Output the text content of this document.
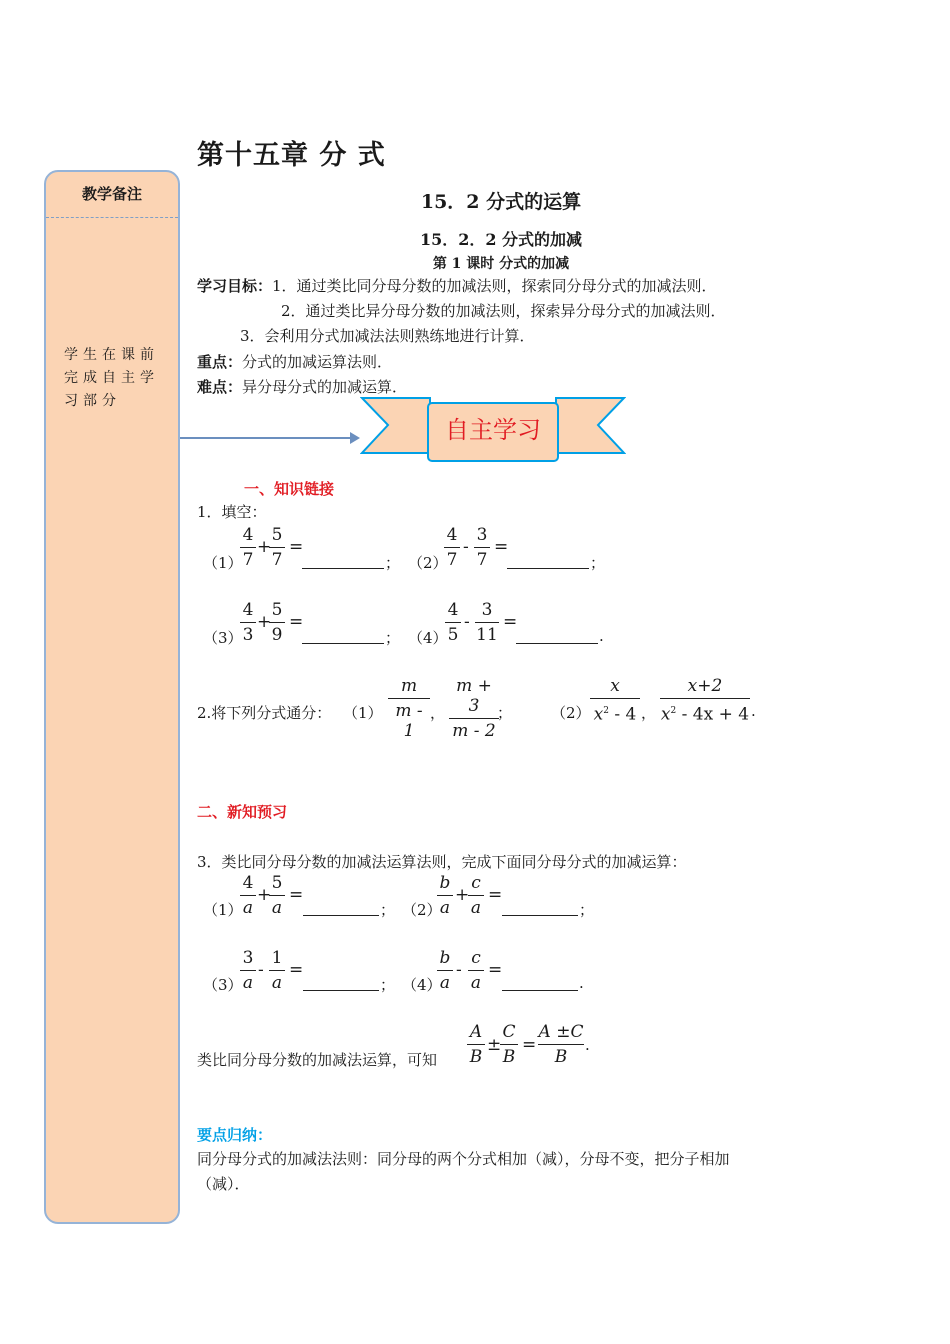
第十五章 分 式
教学备注
学生在课前完成自主学习部分
15．2 分式的运算
15．2．2 分式的加减
第 1 课时 分式的加减
学习目标：1．通过类比同分母分数的加减法则，探索同分母分式的加减法则．
2．通过类比异分母分数的加减法则，探索异分母分式的加减法则．
3．会利用分式加减法法则熟练地进行计算．
重点：分式的加减运算法则．
难点：异分母分式的加减运算．
自主学习
一、知识链接
1．填空：
（1）
4
7
+
5
7
=
； （2）
4
7
-
3
7
=
；
（3）
4
3
+
5
9
=
； （4）
4
5
-
3
11
=
.
2.将下列分式通分： （1）
m
m - 1
，
m + 3
m - 2
；	（2）
x
$x^2 - 4$ ，
x+2
$x^2 - 4x + 4$ .
二、新知预习
3．类比同分母分数的加减法运算法则，完成下面同分母分式的加减运算：
（1）
4
a
+
5
a
=
； （2）
b
a
+
c
a
=
；
（3）
3
a
-
1
a
=
； （4）
b
a
-
c
a
=
.
类比同分母分数的加减法运算，可知
A
B
±
C
B
=
A ±C
B
.
要点归纳：
同分母分式的加减法法则：同分母的两个分式相加（减），分母不变，把分子相加
（减）．
